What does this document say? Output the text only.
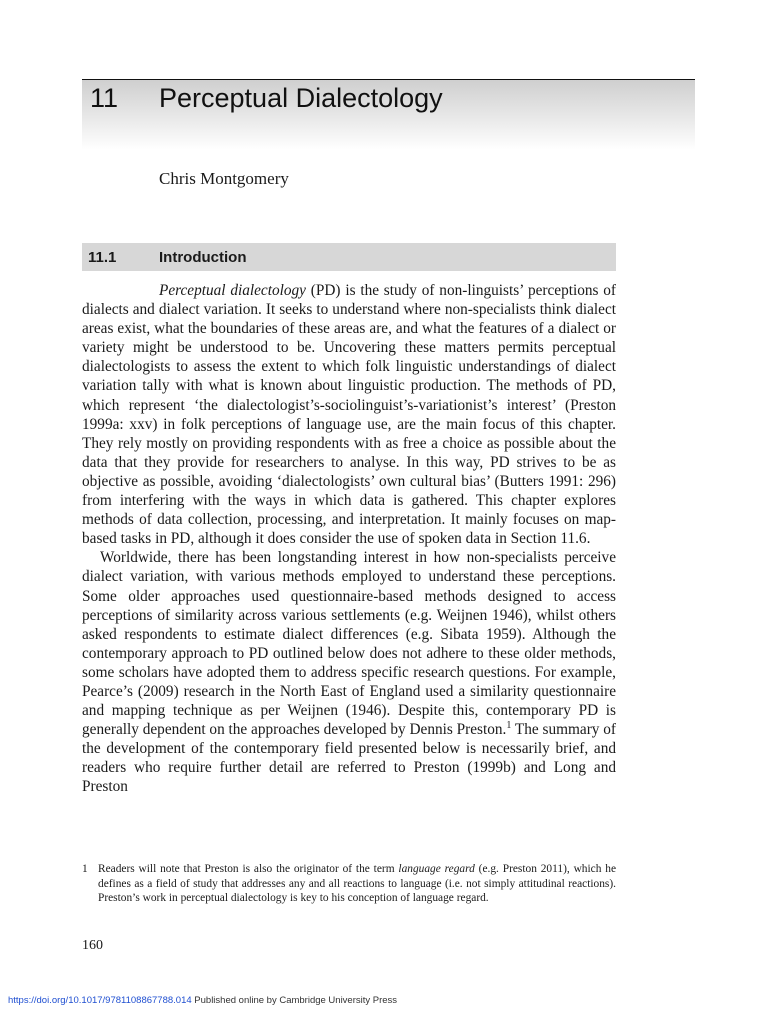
11 Perceptual Dialectology
Chris Montgomery
11.1	Introduction

Perceptual dialectology (PD) is the study of non-linguists’ perceptions of dialects and dialect variation. It seeks to understand where non-specialists think dialect areas exist, what the boundaries of these areas are, and what the features of a dialect or variety might be understood to be. Uncovering these matters permits perceptual dialectologists to assess the extent to which folk linguistic understandings of dialect variation tally with what is known about linguistic production. The methods of PD, which represent ‘the dialectologist’s-sociolinguist’s-variationist’s interest’ (Preston 1999a: xxv) in folk perceptions of language use, are the main focus of this chapter. They rely mostly on providing respondents with as free a choice as possible about the data that they provide for researchers to analyse. In this way, PD strives to be as objective as possible, avoiding ‘dialectologists’ own cultural bias’ (Butters 1991: 296) from interfering with the ways in which data is gathered. This chapter explores methods of data collection, processing, and interpretation. It mainly focuses on map-based tasks in PD, although it does consider the use of spoken data in Section 11.6.

Worldwide, there has been longstanding interest in how non-specialists perceive dialect variation, with various methods employed to understand these perceptions. Some older approaches used questionnaire-based methods designed to access perceptions of similarity across various settlements (e.g. Weijnen 1946), whilst others asked respondents to estimate dialect differences (e.g. Sibata 1959). Although the contemporary approach to PD outlined below does not adhere to these older methods, some scholars have adopted them to address specific research questions. For example, Pearce’s (2009) research in the North East of England used a similarity questionnaire and mapping technique as per Weijnen (1946). Despite this, contemporary PD is generally dependent on the approaches developed by Dennis Preston.$^1$ The summary of the development of the contemporary field presented below is necessarily brief, and readers who require further detail are referred to Preston (1999b) and Long and Preston

1 Readers will note that Preston is also the originator of the term language regard (e.g. Preston 2011), which he defines as a field of study that addresses any and all reactions to language (i.e. not simply attitudinal reactions). Preston’s work in perceptual dialectology is key to his conception of language regard.
160
https://doi.org/10.1017/9781108867788.014 Published online by Cambridge University Press
